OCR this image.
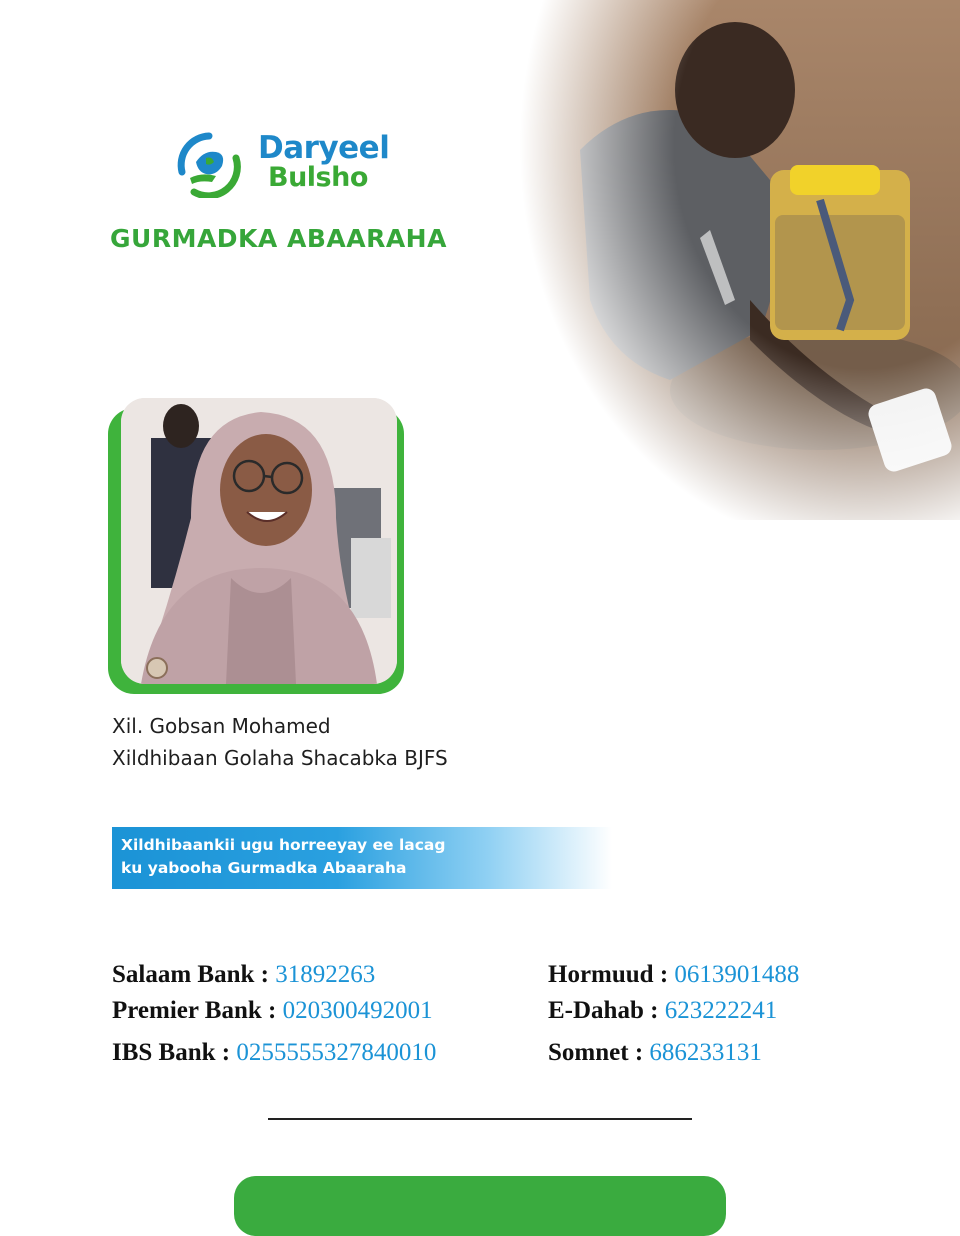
Daryeel
Bulsho
GURMADKA ABAARAHA
Xil. Gobsan Mohamed
Xildhibaan Golaha Shacabka BJFS
Xildhibaankii ugu horreeyay ee lacag
ku yabooha Gurmadka Abaaraha
Salaam Bank : 31892263
Premier Bank : 020300492001
IBS Bank : 0255555327840010
Hormuud : 0613901488
E-Dahab : 623222241
Somnet : 686233131
